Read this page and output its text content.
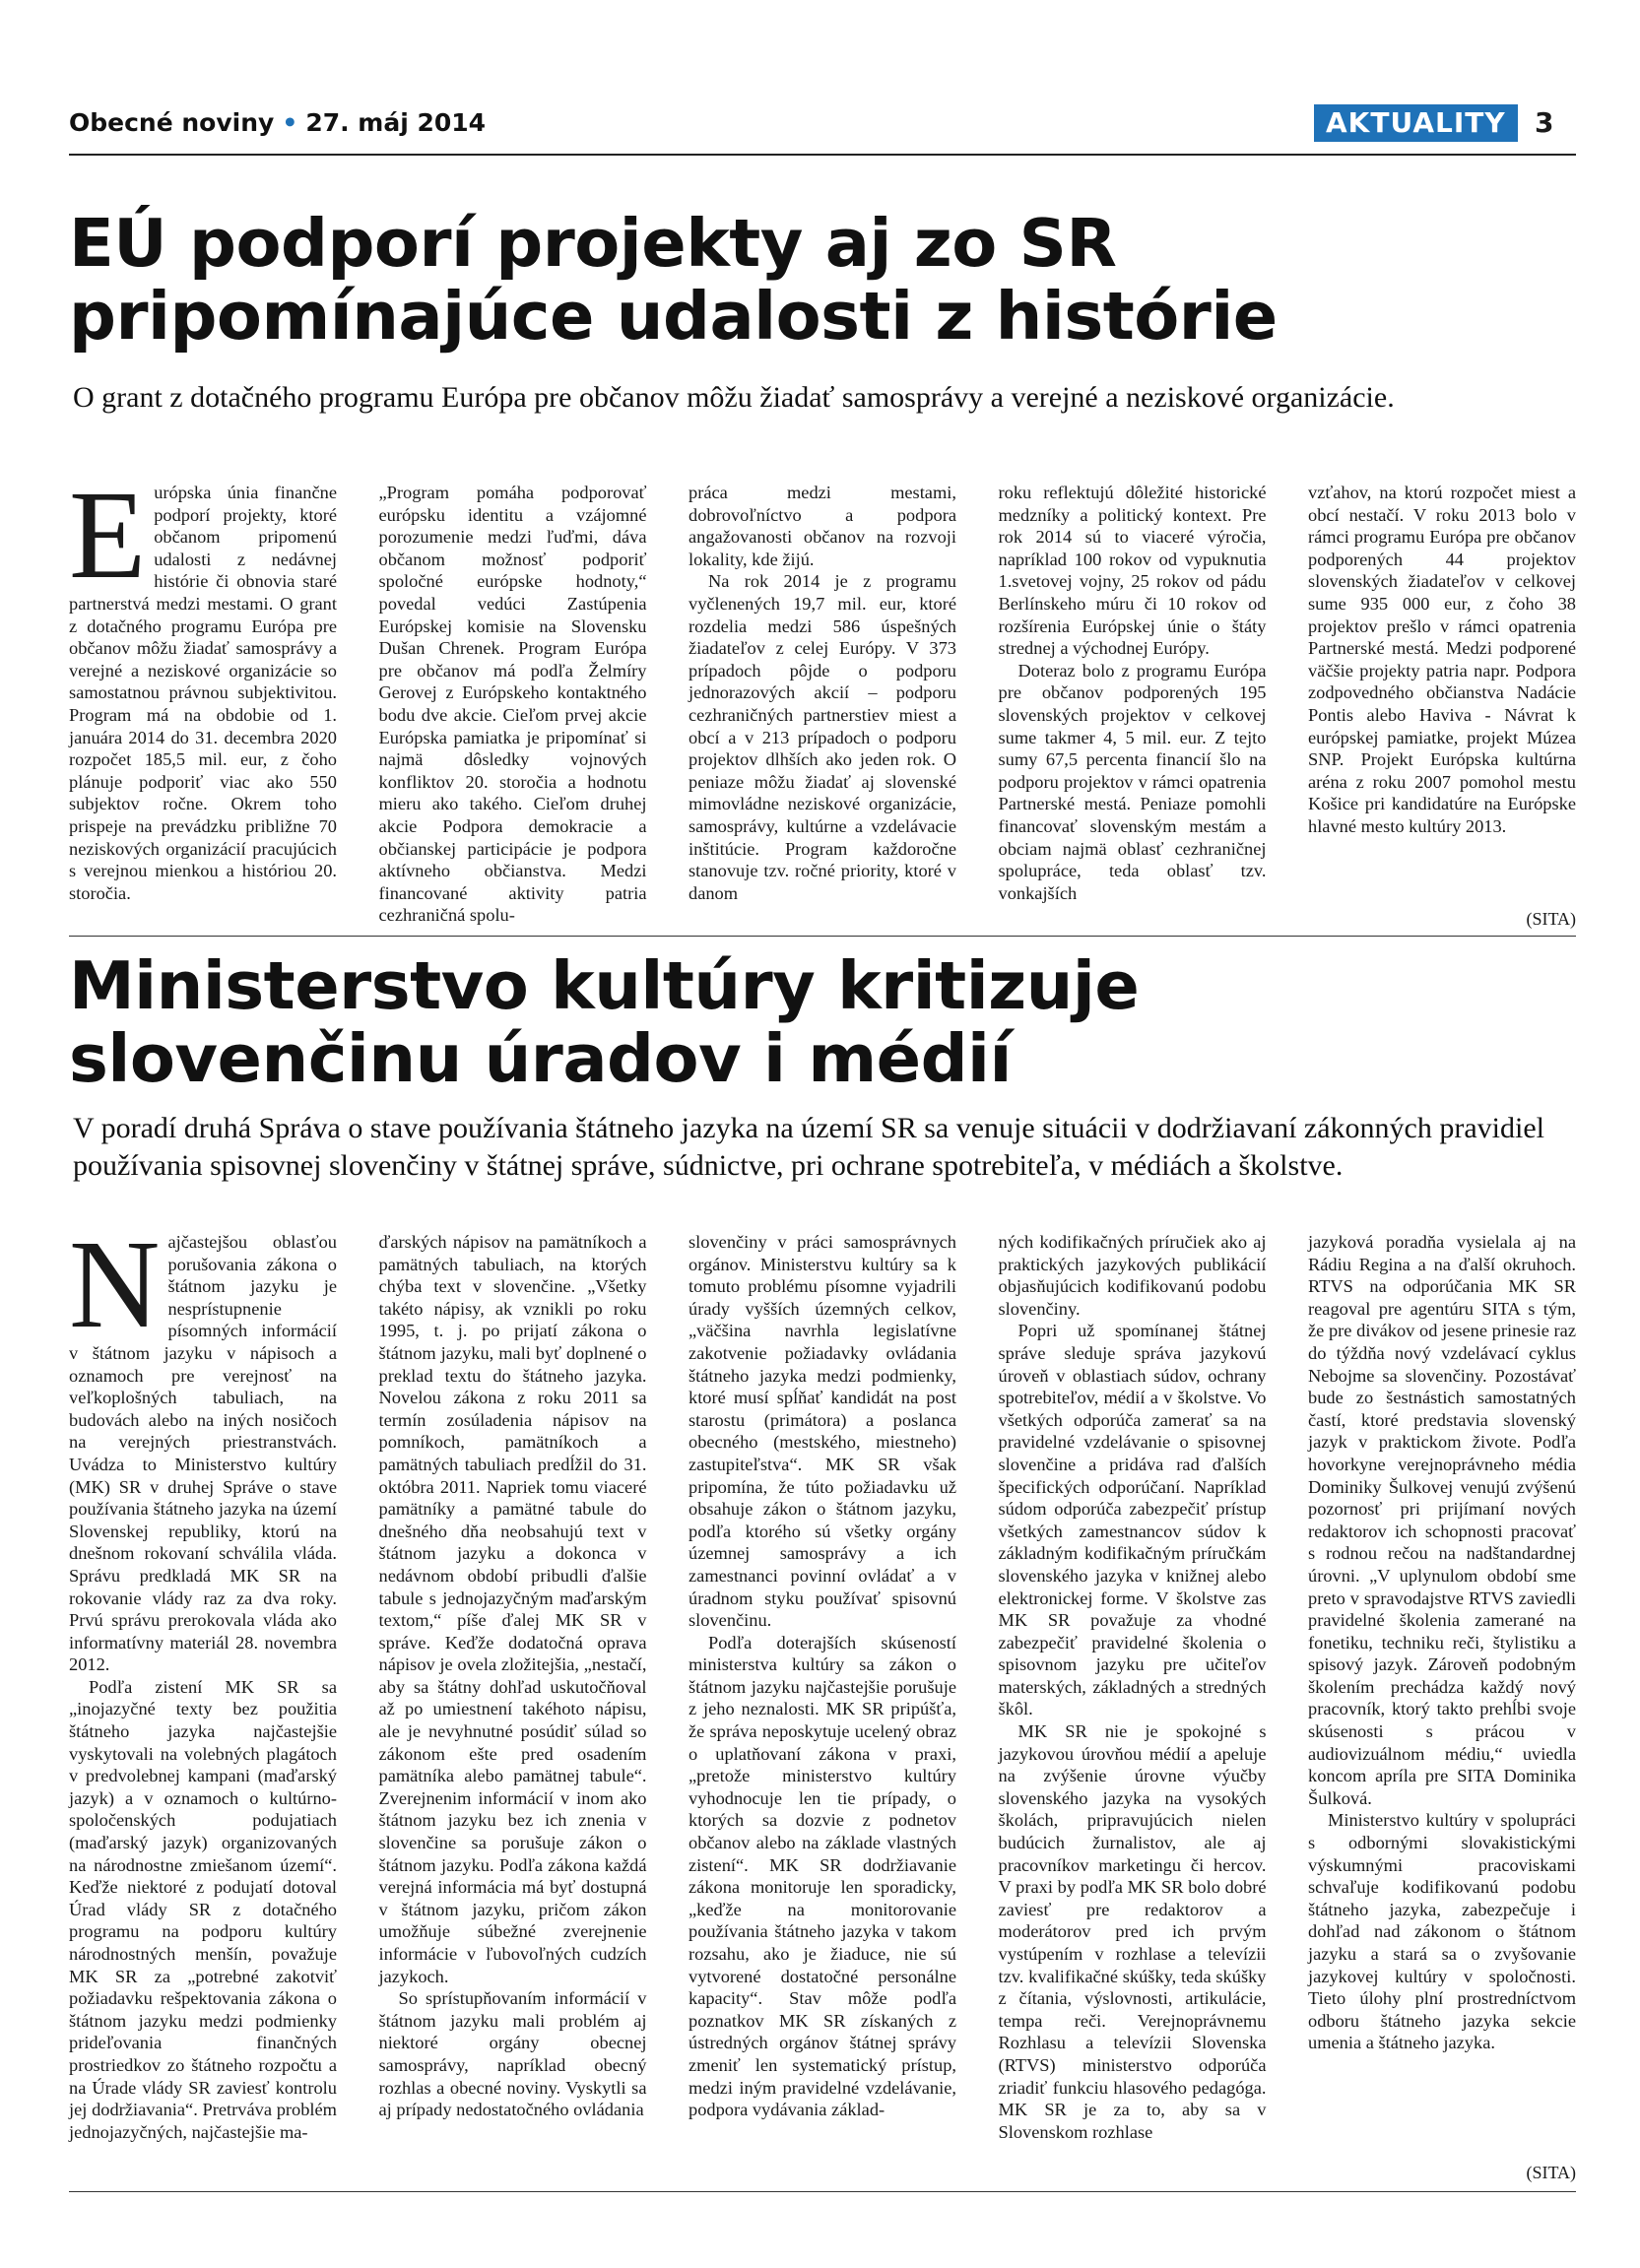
Obecné noviny • 27. máj 2014	AKTUALITY	3
EÚ podporí projekty aj zo SR
pripomínajúce udalosti z histórie

O grant z dotačného programu Európa pre občanov môžu žiadať samosprávy a verejné a neziskové organizácie.

Európska únia finančne podporí projekty, ktoré občanom pripomenú udalosti z nedávnej histórie či obnovia staré partnerstvá medzi mestami. O grant z dotačného programu Európa pre občanov môžu žiadať samosprávy a verejné a neziskové organizácie so samostatnou právnou subjektivitou. Program má na obdobie od 1. januára 2014 do 31. decembra 2020 rozpočet 185,5 mil. eur, z čoho plánuje podporiť viac ako 550 subjektov ročne. Okrem toho prispeje na prevádzku približne 70 neziskových organizácií pracujúcich s verejnou mienkou a históriou 20. storočia.

„Program pomáha podporovať európsku identitu a vzájomné porozumenie medzi ľuďmi, dáva občanom možnosť podporiť spoločné európske hodnoty,“ povedal vedúci Zastúpenia Európskej komisie na Slovensku Dušan Chrenek. Program Európa pre občanov má podľa Želmíry Gerovej z Európskeho kontaktného bodu dve akcie. Cieľom prvej akcie Európska pamiatka je pripomínať si najmä dôsledky vojnových konfliktov 20. storočia a hodnotu mieru ako takého. Cieľom druhej akcie Podpora demokracie a občianskej participácie je podpora aktívneho občianstva. Medzi financované aktivity patria cezhraničná spolu-

práca medzi mestami, dobrovoľníctvo a podpora angažovanosti občanov na rozvoji lokality, kde žijú.

Na rok 2014 je z programu vyčlenených 19,7 mil. eur, ktoré rozdelia medzi 586 úspešných žiadateľov z celej Európy. V 373 prípadoch pôjde o podporu jednorazových akcií – podporu cezhraničných partnerstiev miest a obcí a v 213 prípadoch o podporu projektov dlhších ako jeden rok. O peniaze môžu žiadať aj slovenské mimovládne neziskové organizácie, samosprávy, kultúrne a vzdelávacie inštitúcie. Program každoročne stanovuje tzv. ročné priority, ktoré v danom

roku reflektujú dôležité historické medzníky a politický kontext. Pre rok 2014 sú to viaceré výročia, napríklad 100 rokov od vypuknutia 1.svetovej vojny, 25 rokov od pádu Berlínskeho múru či 10 rokov od rozšírenia Európskej únie o štáty strednej a východnej Európy.

Doteraz bolo z programu Európa pre občanov podporených 195 slovenských projektov v celkovej sume takmer 4, 5 mil. eur. Z tejto sumy 67,5 percenta financií šlo na podporu projektov v rámci opatrenia Partnerské mestá. Peniaze pomohli financovať slovenským mestám a obciam najmä oblasť cezhraničnej spolupráce, teda oblasť tzv. vonkajších

vzťahov, na ktorú rozpočet miest a obcí nestačí. V roku 2013 bolo v rámci programu Európa pre občanov podporených 44 projektov slovenských žiadateľov v celkovej sume 935 000 eur, z čoho 38 projektov prešlo v rámci opatrenia Partnerské mestá. Medzi podporené väčšie projekty patria napr. Podpora zodpovedného občianstva Nadácie Pontis alebo Haviva - Návrat k európskej pamiatke, projekt Múzea SNP. Projekt Európska kultúrna aréna z roku 2007 pomohol mestu Košice pri kandidatúre na Európske hlavné mesto kultúry 2013.

(SITA)
Ministerstvo kultúry kritizuje
slovenčinu úradov i médií

V poradí druhá Správa o stave používania štátneho jazyka na území SR sa venuje situácii v dodržiavaní zákonných pravidiel používania spisovnej slovenčiny v štátnej správe, súdnictve, pri ochrane spotrebiteľa, v médiách a školstve.

Najčastejšou oblasťou porušovania zákona o štátnom jazyku je nesprístupnenie písomných informácií v štátnom jazyku v nápisoch a oznamoch pre verejnosť na veľkoplošných tabuliach, na budovách alebo na iných nosičoch na verejných priestranstvách. Uvádza to Ministerstvo kultúry (MK) SR v druhej Správe o stave používania štátneho jazyka na území Slovenskej republiky, ktorú na dnešnom rokovaní schválila vláda. Správu predkladá MK SR na rokovanie vlády raz za dva roky. Prvú správu prerokovala vláda ako informatívny materiál 28. novembra 2012.

Podľa zistení MK SR sa „inojazyčné texty bez použitia štátneho jazyka najčastejšie vyskytovali na volebných plagátoch v predvolebnej kampani (maďarský jazyk) a v oznamoch o kultúrno-spoločenských podujatiach (maďarský jazyk) organizovaných na národnostne zmiešanom území“. Keďže niektoré z podujatí dotoval Úrad vlády SR z dotačného programu na podporu kultúry národnostných menšín, považuje MK SR za „potrebné zakotviť požiadavku rešpektovania zákona o štátnom jazyku medzi podmienky prideľovania finančných prostriedkov zo štátneho rozpočtu a na Úrade vlády SR zaviesť kontrolu jej dodržiavania“. Pretrváva problém jednojazyčných, najčastejšie ma-

ďarských nápisov na pamätníkoch a pamätných tabuliach, na ktorých chýba text v slovenčine. „Všetky takéto nápisy, ak vznikli po roku 1995, t. j. po prijatí zákona o štátnom jazyku, mali byť doplnené o preklad textu do štátneho jazyka. Novelou zákona z roku 2011 sa termín zosúladenia nápisov na pomníkoch, pamätníkoch a pamätných tabuliach predĺžil do 31. októbra 2011. Napriek tomu viaceré pamätníky a pamätné tabule do dnešného dňa neobsahujú text v štátnom jazyku a dokonca v nedávnom období pribudli ďalšie tabule s jednojazyčným maďarským textom,“ píše ďalej MK SR v správe. Keďže dodatočná oprava nápisov je ovela zložitejšia, „nestačí, aby sa štátny dohľad uskutočňoval až po umiestnení takéhoto nápisu, ale je nevyhnutné posúdiť súlad so zákonom ešte pred osadením pamätníka alebo pamätnej tabule“. Zverejnenim informácií v inom ako štátnom jazyku bez ich znenia v slovenčine sa porušuje zákon o štátnom jazyku. Podľa zákona každá verejná informácia má byť dostupná v štátnom jazyku, pričom zákon umožňuje súbežné zverejnenie informácie v ľubovoľných cudzích jazykoch.

So sprístupňovaním informácií v štátnom jazyku mali problém aj niektoré orgány obecnej samosprávy, napríklad obecný rozhlas a obecné noviny. Vyskytli sa aj prípady nedostatočného ovládania

slovenčiny v práci samosprávnych orgánov. Ministerstvu kultúry sa k tomuto problému písomne vyjadrili úrady vyšších územných celkov, „väčšina navrhla legislatívne zakotvenie požiadavky ovládania štátneho jazyka medzi podmienky, ktoré musí spĺňať kandidát na post starostu (primátora) a poslanca obecného (mestského, miestneho) zastupiteľstva“. MK SR však pripomína, že túto požiadavku už obsahuje zákon o štátnom jazyku, podľa ktorého sú všetky orgány územnej samosprávy a ich zamestnanci povinní ovládať a v úradnom styku používať spisovnú slovenčinu.

Podľa doterajších skúseností ministerstva kultúry sa zákon o štátnom jazyku najčastejšie porušuje z jeho neznalosti. MK SR pripúšťa, že správa neposkytuje ucelený obraz o uplatňovaní zákona v praxi, „pretože ministerstvo kultúry vyhodnocuje len tie prípady, o ktorých sa dozvie z podnetov občanov alebo na základe vlastných zistení“. MK SR dodržiavanie zákona monitoruje len sporadicky, „keďže na monitorovanie používania štátneho jazyka v takom rozsahu, ako je žiaduce, nie sú vytvorené dostatočné personálne kapacity“. Stav môže podľa poznatkov MK SR získaných z ústredných orgánov štátnej správy zmeniť len systematický prístup, medzi iným pravidelné vzdelávanie, podpora vydávania základ-

ných kodifikačných príručiek ako aj praktických jazykových publikácií objasňujúcich kodifikovanú podobu slovenčiny.

Popri už spomínanej štátnej správe sleduje správa jazykovú úroveň v oblastiach súdov, ochrany spotrebiteľov, médií a v školstve. Vo všetkých odporúča zamerať sa na pravidelné vzdelávanie o spisovnej slovenčine a pridáva rad ďalších špecifických odporúčaní. Napríklad súdom odporúča zabezpečiť prístup všetkých zamestnancov súdov k základným kodifikačným príručkám slovenského jazyka v knižnej alebo elektronickej forme. V školstve zas MK SR považuje za vhodné zabezpečiť pravidelné školenia o spisovnom jazyku pre učiteľov materských, základných a stredných škôl.

MK SR nie je spokojné s jazykovou úrovňou médií a apeluje na zvýšenie úrovne výučby slovenského jazyka na vysokých školách, pripravujúcich nielen budúcich žurnalistov, ale aj pracovníkov marketingu či hercov. V praxi by podľa MK SR bolo dobré zaviesť pre redaktorov a moderátorov pred ich prvým vystúpením v rozhlase a televízii tzv. kvalifikačné skúšky, teda skúšky z čítania, výslovnosti, artikulácie, tempa reči. Verejnoprávnemu Rozhlasu a televízii Slovenska (RTVS) ministerstvo odporúča zriadiť funkciu hlasového pedagóga. MK SR je za to, aby sa v Slovenskom rozhlase

jazyková poradňa vysielala aj na Rádiu Regina a na ďalší okruhoch. RTVS na odporúčania MK SR reagoval pre agentúru SITA s tým, že pre divákov od jesene prinesie raz do týždňa nový vzdelávací cyklus Nebojme sa slovenčiny. Pozostávať bude zo šestnástich samostatných častí, ktoré predstavia slovenský jazyk v praktickom živote. Podľa hovorkyne verejnoprávneho média Dominiky Šulkovej venujú zvýšenú pozornosť pri prijímaní nových redaktorov ich schopnosti pracovať s rodnou rečou na nadštandardnej úrovni. „V uplynulom období sme preto v spravodajstve RTVS zaviedli pravidelné školenia zamerané na fonetiku, techniku reči, štylistiku a spisový jazyk. Zároveň podobným školením prechádza každý nový pracovník, ktorý takto prehĺbi svoje skúsenosti s prácou v audiovizuálnom médiu,“ uviedla koncom apríla pre SITA Dominika Šulková.

Ministerstvo kultúry v spolupráci s odbornými slovakistickými výskumnými pracoviskami schvaľuje kodifikovanú podobu štátneho jazyka, zabezpečuje i dohľad nad zákonom o štátnom jazyku a stará sa o zvyšovanie jazykovej kultúry v spoločnosti. Tieto úlohy plní prostredníctvom odboru štátneho jazyka sekcie umenia a štátneho jazyka.

(SITA)
